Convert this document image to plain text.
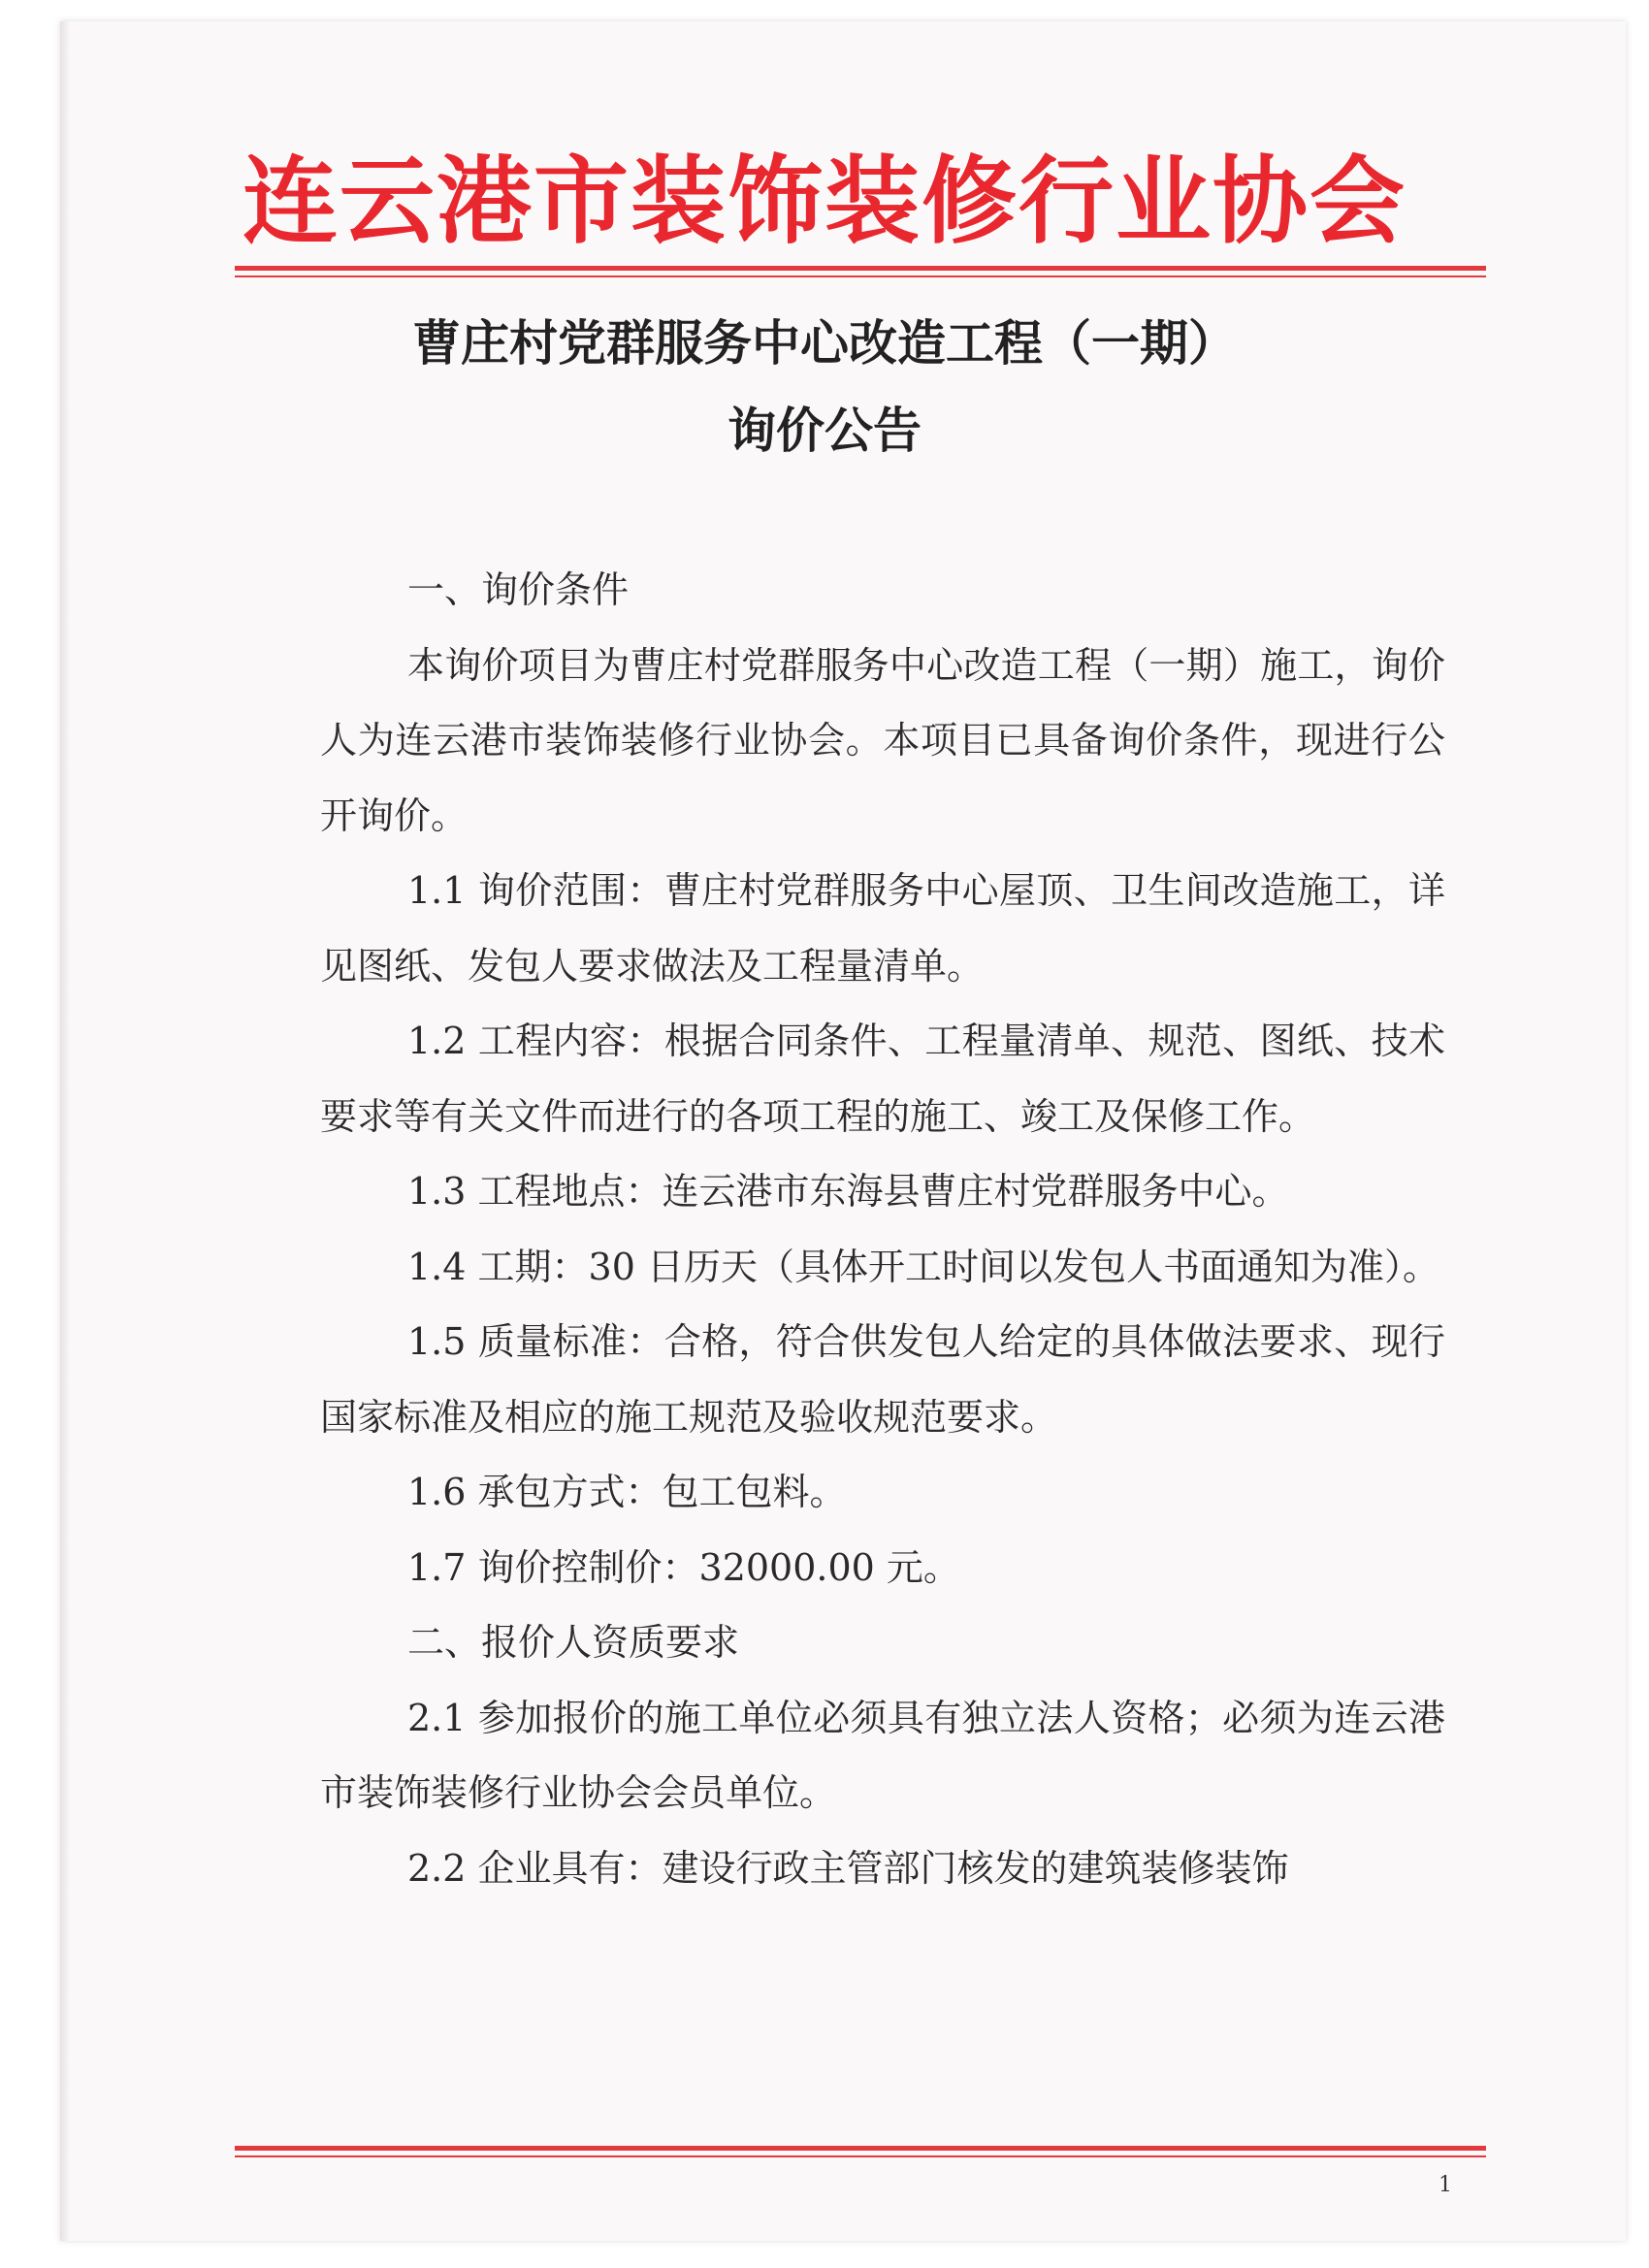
连云港市装饰装修行业协会
曹庄村党群服务中心改造工程（一期）
询价公告

一、询价条件

本询价项目为曹庄村党群服务中心改造工程（一期）施工，询价人为连云港市装饰装修行业协会。本项目已具备询价条件，现进行公开询价。

1.1 询价范围：曹庄村党群服务中心屋顶、卫生间改造施工，详见图纸、发包人要求做法及工程量清单。

1.2 工程内容：根据合同条件、工程量清单、规范、图纸、技术要求等有关文件而进行的各项工程的施工、竣工及保修工作。

1.3 工程地点：连云港市东海县曹庄村党群服务中心。

1.4 工期：30 日历天（具体开工时间以发包人书面通知为准）。

1.5 质量标准：合格，符合供发包人给定的具体做法要求、现行国家标准及相应的施工规范及验收规范要求。

1.6 承包方式：包工包料。

1.7 询价控制价：32000.00 元。

二、报价人资质要求

2.1 参加报价的施工单位必须具有独立法人资格；必须为连云港市装饰装修行业协会会员单位。

2.2 企业具有：建设行政主管部门核发的建筑装修装饰

1
